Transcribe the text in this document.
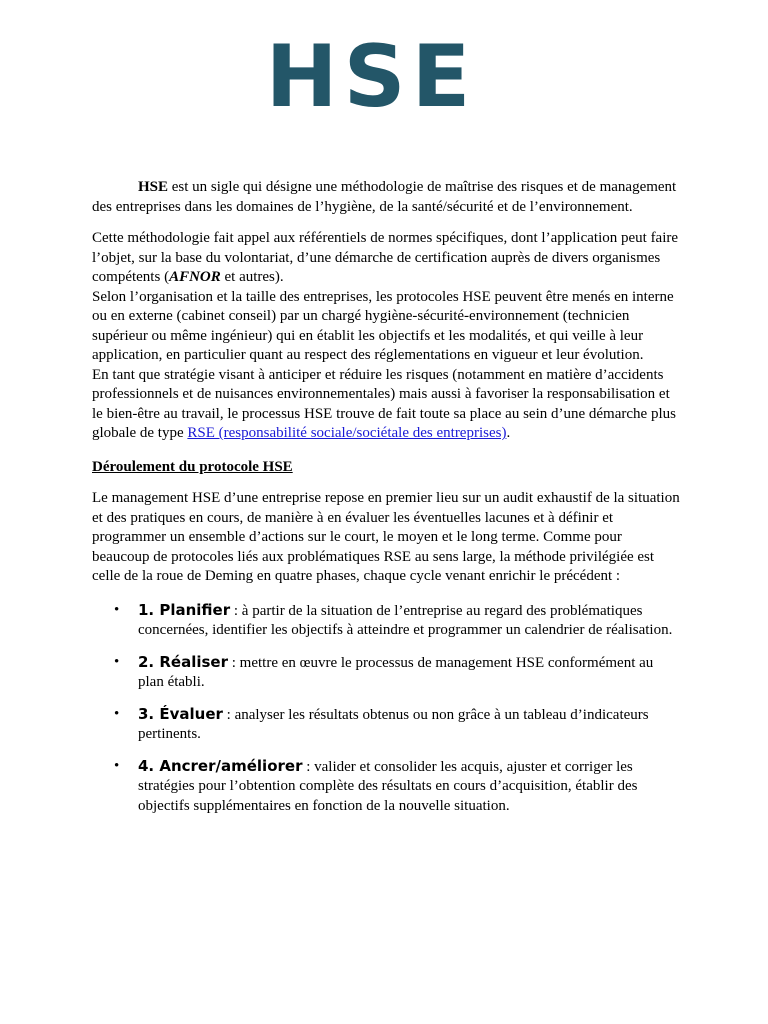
HSE

HSE est un sigle qui désigne une méthodologie de maîtrise des risques et de management des entreprises dans les domaines de l’hygiène, de la santé/sécurité et de l’environnement.

Cette méthodologie fait appel aux référentiels de normes spécifiques, dont l’application peut faire l’objet, sur la base du volontariat, d’une démarche de certification auprès de divers organismes compétents (AFNOR et autres).

Selon l’organisation et la taille des entreprises, les protocoles HSE peuvent être menés en interne ou en externe (cabinet conseil) par un chargé hygiène-sécurité-environnement (technicien supérieur ou même ingénieur) qui en établit les objectifs et les modalités, et qui veille à leur application, en particulier quant au respect des réglementations en vigueur et leur évolution.

En tant que stratégie visant à anticiper et réduire les risques (notamment en matière d’accidents professionnels et de nuisances environnementales) mais aussi à favoriser la responsabilisation et le bien-être au travail, le processus HSE trouve de fait toute sa place au sein d’une démarche plus globale de type RSE (responsabilité sociale/sociétale des entreprises).

Déroulement du protocole HSE

Le management HSE d’une entreprise repose en premier lieu sur un audit exhaustif de la situation et des pratiques en cours, de manière à en évaluer les éventuelles lacunes et à définir et programmer un ensemble d’actions sur le court, le moyen et le long terme. Comme pour beaucoup de protocoles liés aux problématiques RSE au sens large, la méthode privilégiée est celle de la roue de Deming en quatre phases, chaque cycle venant enrichir le précédent :

• 1. Planifier : à partir de la situation de l’entreprise au regard des problématiques concernées, identifier les objectifs à atteindre et programmer un calendrier de réalisation.
• 2. Réaliser : mettre en œuvre le processus de management HSE conformément au plan établi.
• 3. Évaluer : analyser les résultats obtenus ou non grâce à un tableau d’indicateurs pertinents.
• 4. Ancrer/améliorer : valider et consolider les acquis, ajuster et corriger les stratégies pour l’obtention complète des résultats en cours d’acquisition, établir des objectifs supplémentaires en fonction de la nouvelle situation.
